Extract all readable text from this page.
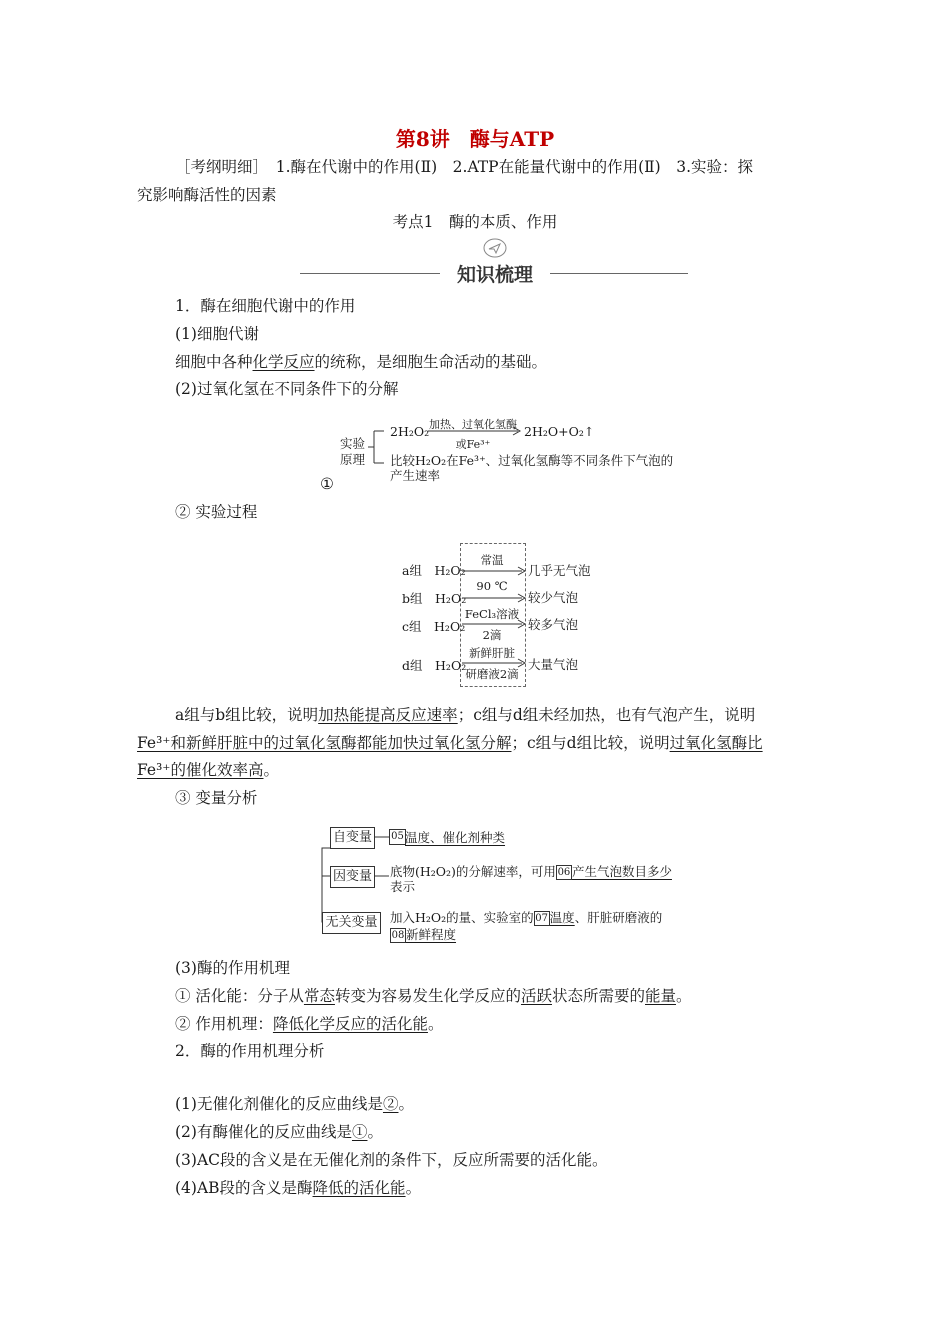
第8讲　酶与ATP
［考纲明细］　1.酶在代谢中的作用(Ⅱ)　2.ATP在能量代谢中的作用(Ⅱ)　3.实验：探
究影响酶活性的因素
考点1　酶的本质、作用
知识梳理
1．酶在细胞代谢中的作用
(1)细胞代谢
细胞中各种化学反应的统称，是细胞生命活动的基础。
(2)过氧化氢在不同条件下的分解
实验
原理
2H₂O₂ 加热、过氧化氢酶
或Fe³⁺
2H₂O+O₂↑
比较H₂O₂在Fe³⁺、过氧化氢酶等不同条件下气泡的
产生速率
①
② 实验过程
a组　 H₂O₂
常温
几乎无气泡
b组　 H₂O₂
90 ℃
较少气泡
c组　 H₂O₂
FeCl₃溶液
2滴
较多气泡
d组　 H₂O₂
新鲜肝脏
研磨液2滴
大量气泡
a组与b组比较，说明加热能提高反应速率；c组与d组未经加热，也有气泡产生，说明
Fe³⁺和新鲜肝脏中的过氧化氢酶都能加快过氧化氢分解；c组与d组比较，说明过氧化氢酶比
Fe³⁺的催化效率高。
③ 变量分析
自变量	05 温度、催化剂种类
因变量 底物(H₂O₂)的分解速率，可用 06 产生气泡数目多少
表示
无关变量 加入H₂O₂的量、实验室的 07 温度、肝脏研磨液的
08 新鲜程度
(3)酶的作用机理
① 活化能：分子从常态转变为容易发生化学反应的活跃状态所需要的能量。
② 作用机理：降低化学反应的活化能。
2．酶的作用机理分析
(1)无催化剂催化的反应曲线是②。
(2)有酶催化的反应曲线是①。
(3)AC段的含义是在无催化剂的条件下，反应所需要的活化能。
(4)AB段的含义是酶降低的活化能。
